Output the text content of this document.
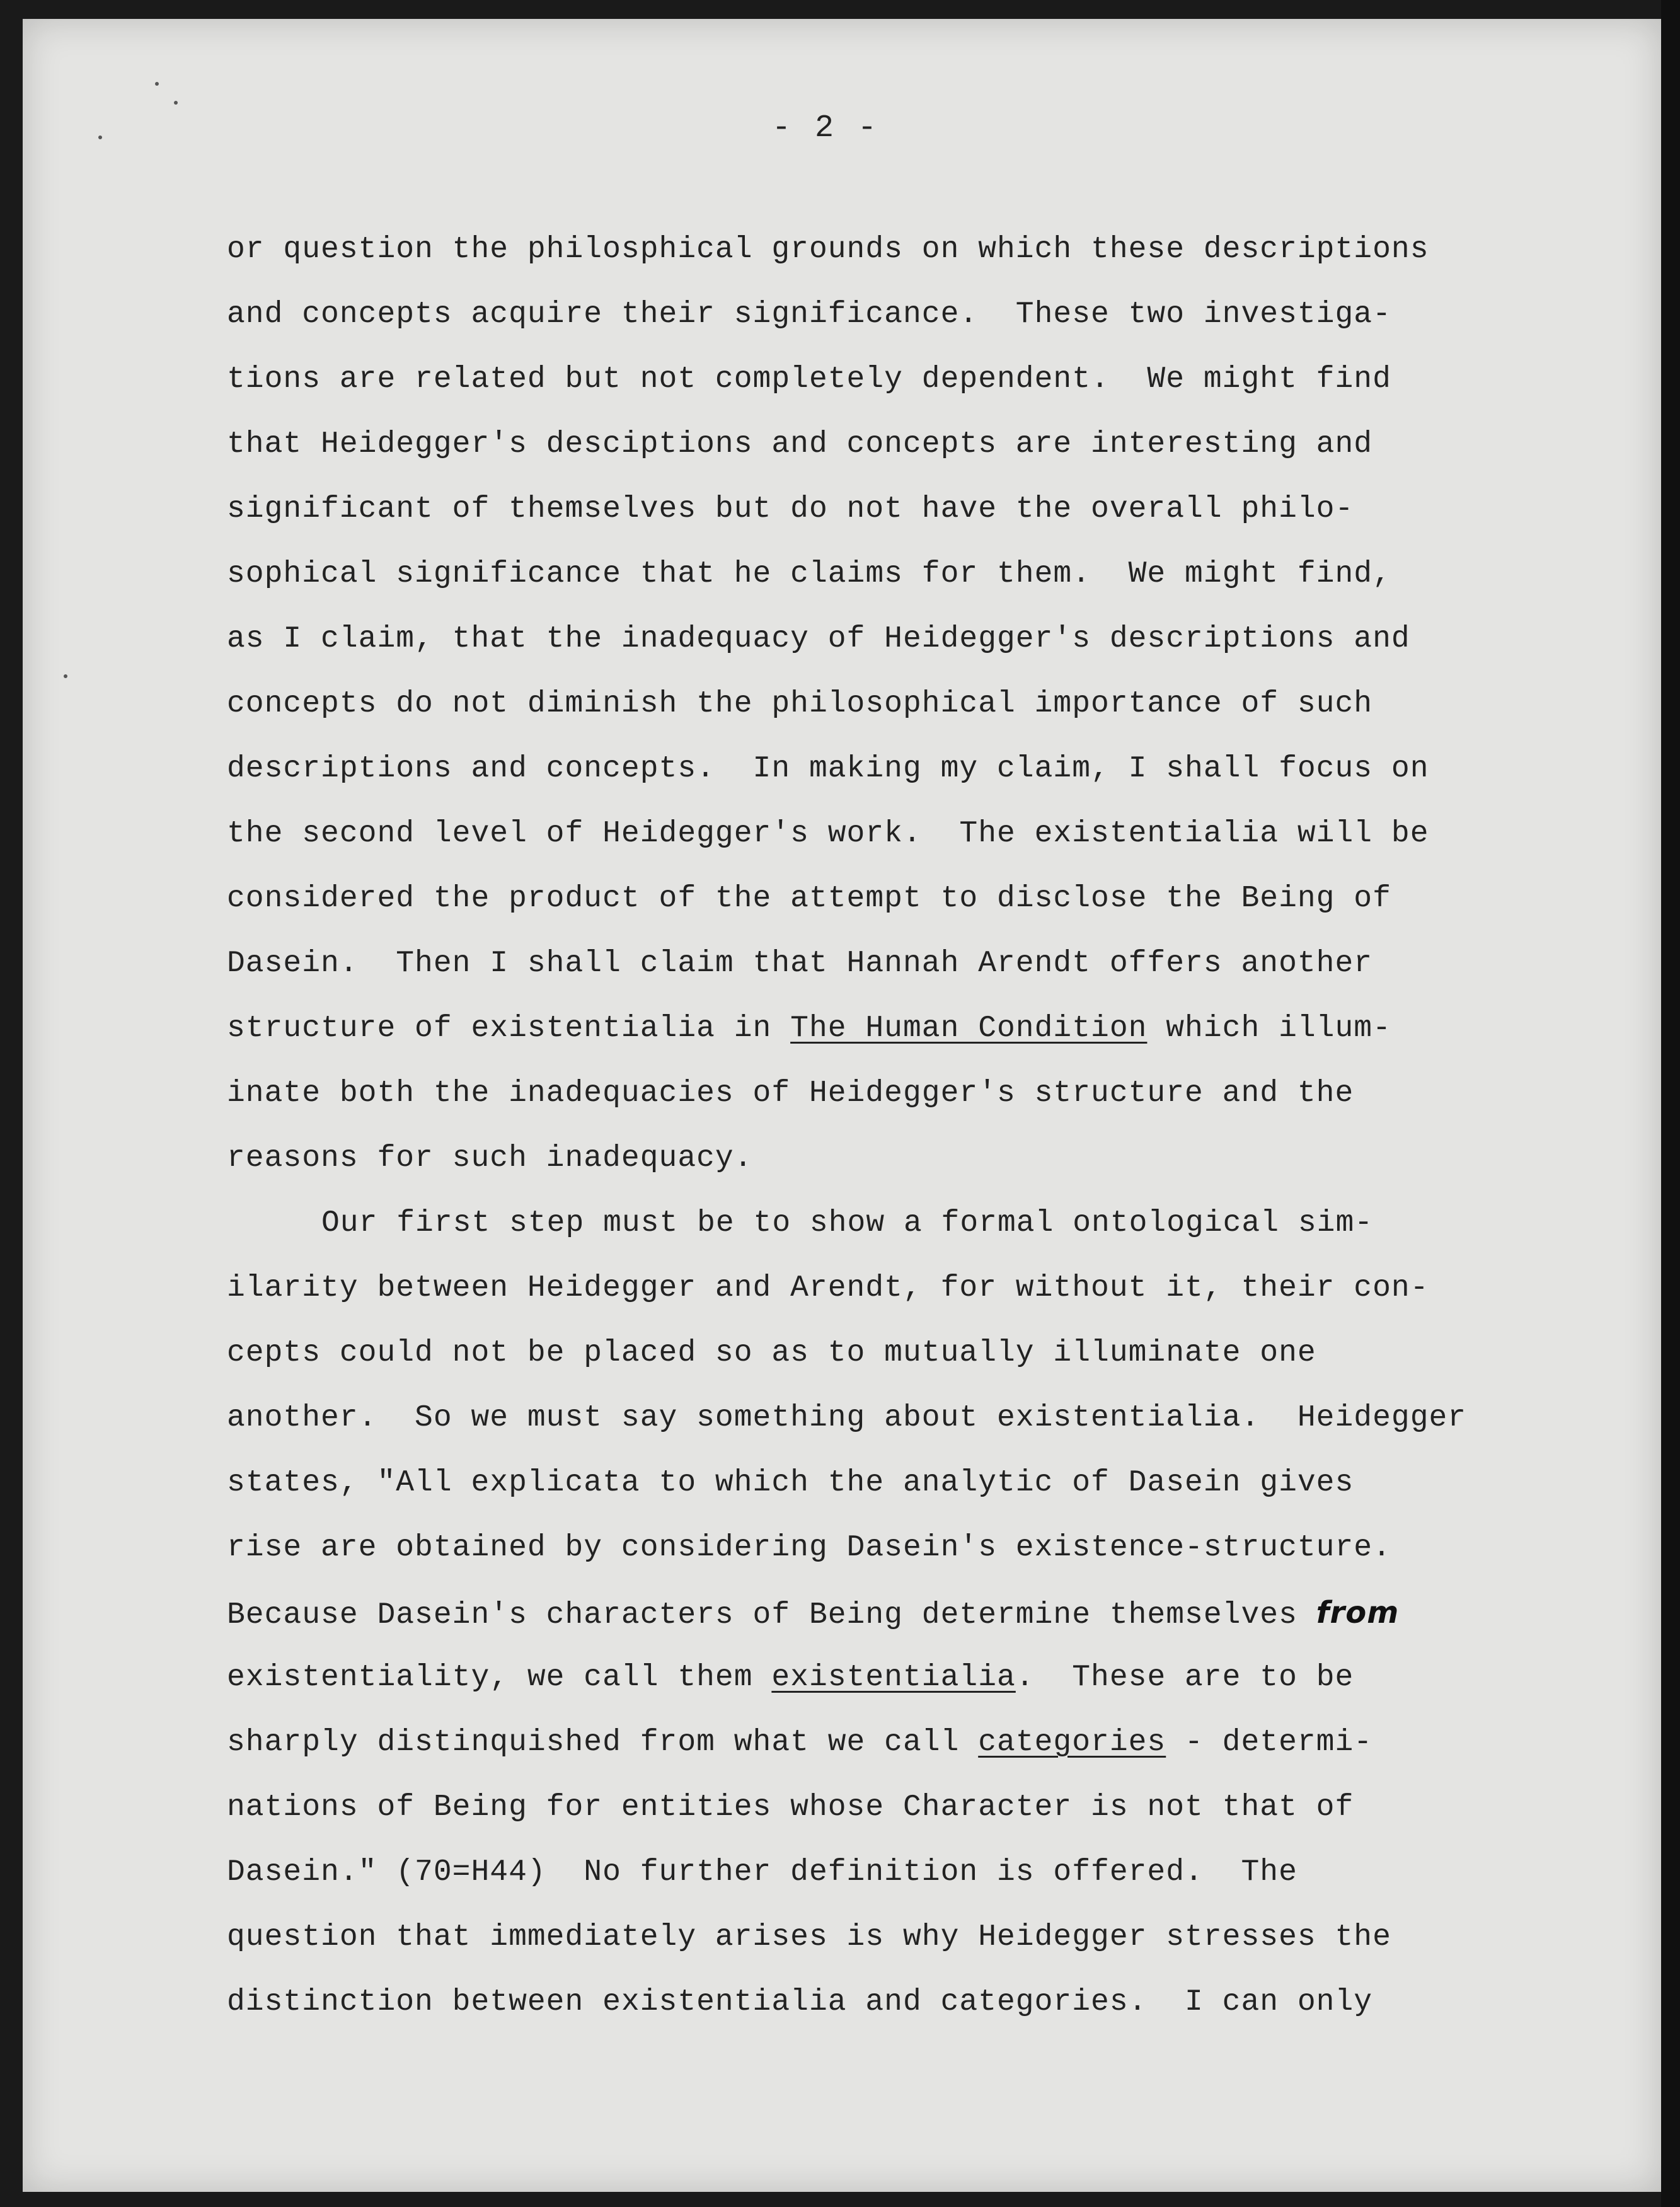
- 2 -
or question the philosphical grounds on which these descriptions
and concepts acquire their significance.  These two investiga-
tions are related but not completely dependent.  We might find
that Heidegger's desciptions and concepts are interesting and
significant of themselves but do not have the overall philo-
sophical significance that he claims for them.  We might find,
as I claim, that the inadequacy of Heidegger's descriptions and
concepts do not diminish the philosophical importance of such
descriptions and concepts.  In making my claim, I shall focus on
the second level of Heidegger's work.  The existentialia will be
considered the product of the attempt to disclose the Being of
Dasein.  Then I shall claim that Hannah Arendt offers another
structure of existentialia in The Human Condition which illum-
inate both the inadequacies of Heidegger's structure and the
reasons for such inadequacy.
Our first step must be to show a formal ontological sim-
ilarity between Heidegger and Arendt, for without it, their con-
cepts could not be placed so as to mutually illuminate one
another.  So we must say something about existentialia.  Heidegger
states, "All explicata to which the analytic of Dasein gives
rise are obtained by considering Dasein's existence-structure.
Because Dasein's characters of Being determine themselves from
existentiality, we call them existentialia.  These are to be
sharply distinquished from what we call categories - determi-
nations of Being for entities whose Character is not that of
Dasein." (70=H44)  No further definition is offered.  The
question that immediately arises is why Heidegger stresses the
distinction between existentialia and categories.  I can only
